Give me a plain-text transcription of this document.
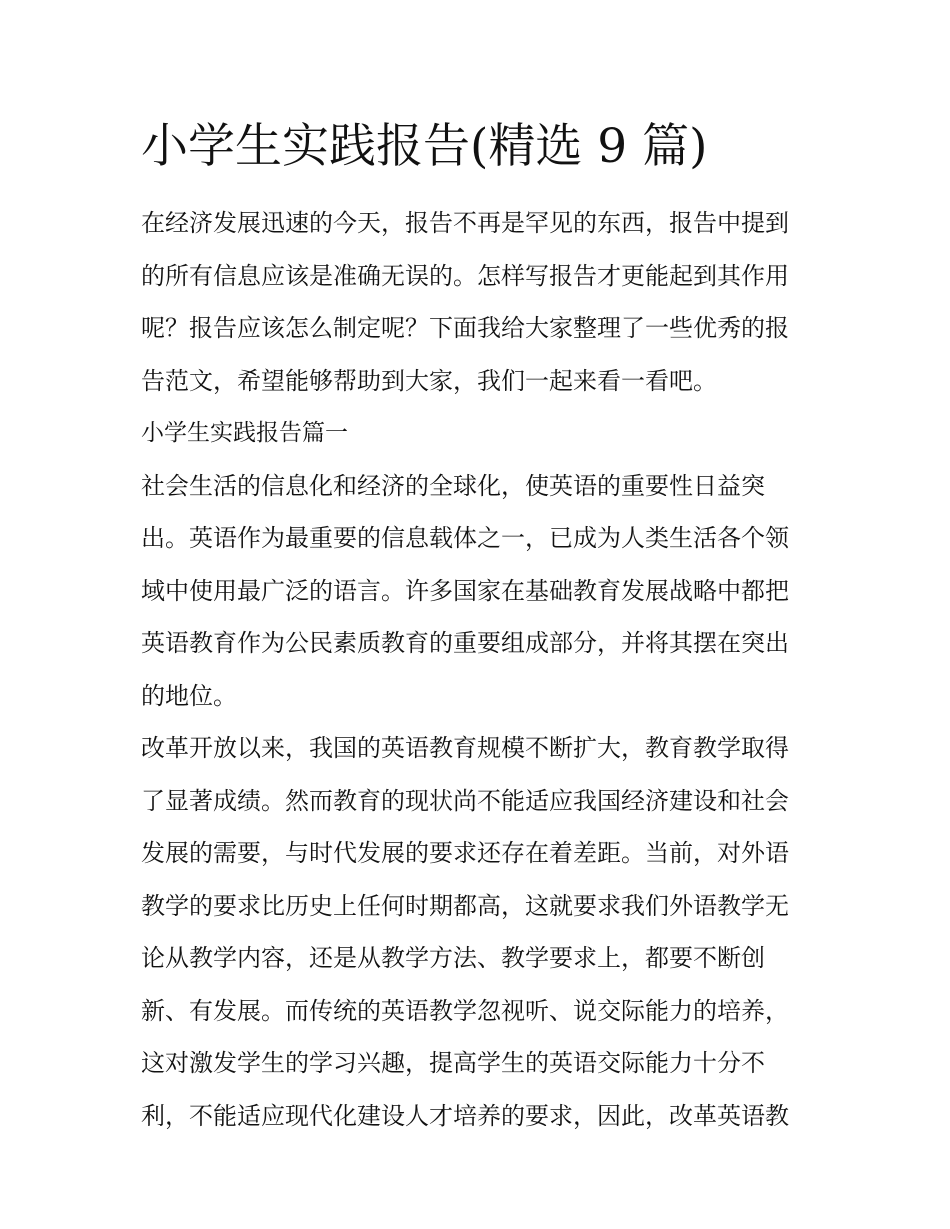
小学生实践报告(精选 9 篇)

在经济发展迅速的今天，报告不再是罕见的东西，报告中提到

的所有信息应该是准确无误的。怎样写报告才更能起到其作用

呢？报告应该怎么制定呢？下面我给大家整理了一些优秀的报

告范文，希望能够帮助到大家，我们一起来看一看吧。

小学生实践报告篇一

社会生活的信息化和经济的全球化，使英语的重要性日益突

出。英语作为最重要的信息载体之一，已成为人类生活各个领

域中使用最广泛的语言。许多国家在基础教育发展战略中都把

英语教育作为公民素质教育的重要组成部分，并将其摆在突出

的地位。

改革开放以来，我国的英语教育规模不断扩大，教育教学取得

了显著成绩。然而教育的现状尚不能适应我国经济建设和社会

发展的需要，与时代发展的要求还存在着差距。当前，对外语

教学的要求比历史上任何时期都高，这就要求我们外语教学无

论从教学内容，还是从教学方法、教学要求上，都要不断创

新、有发展。而传统的英语教学忽视听、说交际能力的培养，

这对激发学生的学习兴趣，提高学生的英语交际能力十分不

利，不能适应现代化建设人才培养的要求，因此，改革英语教
